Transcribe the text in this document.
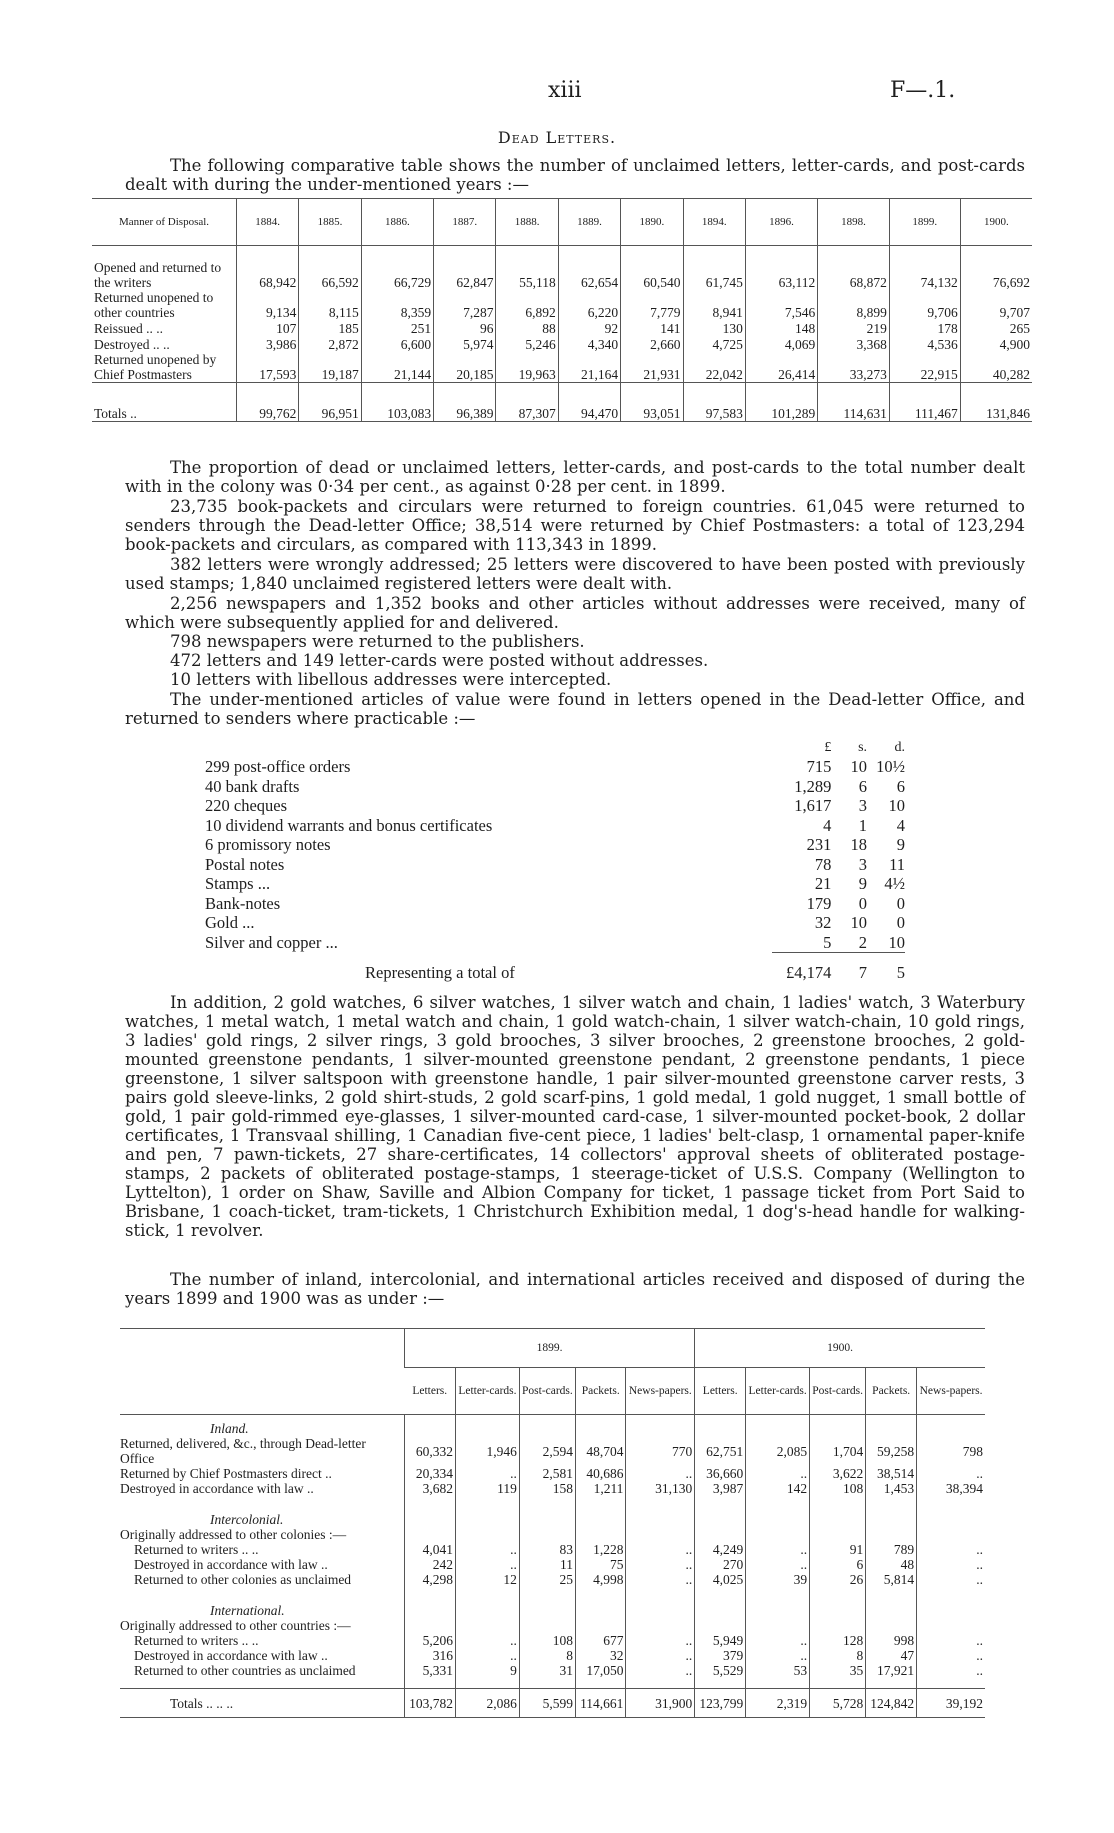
xiii	F—.1.
Dead Letters.

The following comparative table shows the number of unclaimed letters, letter-cards, and post-cards dealt with during the under-mentioned years :—

Manner of Disposal.	1884.	1885.	1886.	1887.	1888.	1889.	1890.	1894.	1896.	1898.	1899.	1900.

Opened and returned to the writers	68,942	66,592	66,729	62,847	55,118	62,654	60,540	61,745	63,112	68,872	74,132	76,692
Returned unopened to other countries	9,134	8,115	8,359	7,287	6,892	6,220	7,779	8,941	7,546	8,899	9,706	9,707
Reissued .. ..	107	185	251	96	88	92	141	130	148	219	178	265
Destroyed .. ..	3,986	2,872	6,600	5,974	5,246	4,340	2,660	4,725	4,069	3,368	4,536	4,900
Returned unopened by Chief Postmasters	17,593	19,187	21,144	20,185	19,963	21,164	21,931	22,042	26,414	33,273	22,915	40,282
Totals ..	99,762	96,951	103,083	96,389	87,307	94,470	93,051	97,583	101,289	114,631	111,467	131,846

The proportion of dead or unclaimed letters, letter-cards, and post-cards to the total number dealt with in the colony was 0·34 per cent., as against 0·28 per cent. in 1899.

23,735 book-packets and circulars were returned to foreign countries. 61,045 were returned to senders through the Dead-letter Office; 38,514 were returned by Chief Postmasters: a total of 123,294 book-packets and circulars, as compared with 113,343 in 1899.

382 letters were wrongly addressed; 25 letters were discovered to have been posted with previously used stamps; 1,840 unclaimed registered letters were dealt with.

2,256 newspapers and 1,352 books and other articles without addresses were received, many of which were subsequently applied for and delivered.

798 newspapers were returned to the publishers.

472 letters and 149 letter-cards were posted without addresses.

10 letters with libellous addresses were intercepted.

The under-mentioned articles of value were found in letters opened in the Dead-letter Office, and returned to senders where practicable :—

	£	s.	d.
299 post-office orders	715	10	10½
40 bank drafts	1,289	6	6
220 cheques	1,617	3	10
10 dividend warrants and bonus certificates	4	1	4
6 promissory notes	231	18	9
Postal notes	78	3	11
Stamps ...	21	9	4½
Bank-notes	179	0	0
Gold ...	32	10	0
Silver and copper ...	5	2	10
Representing a total of	£4,174	7	5

In addition, 2 gold watches, 6 silver watches, 1 silver watch and chain, 1 ladies' watch, 3 Waterbury watches, 1 metal watch, 1 metal watch and chain, 1 gold watch-chain, 1 silver watch-chain, 10 gold rings, 3 ladies' gold rings, 2 silver rings, 3 gold brooches, 3 silver brooches, 2 greenstone brooches, 2 gold-mounted greenstone pendants, 1 silver-mounted greenstone pendant, 2 greenstone pendants, 1 piece greenstone, 1 silver saltspoon with greenstone handle, 1 pair silver-mounted greenstone carver rests, 3 pairs gold sleeve-links, 2 gold shirt-studs, 2 gold scarf-pins, 1 gold medal, 1 gold nugget, 1 small bottle of gold, 1 pair gold-rimmed eye-glasses, 1 silver-mounted card-case, 1 silver-mounted pocket-book, 2 dollar certificates, 1 Transvaal shilling, 1 Canadian five-cent piece, 1 ladies' belt-clasp, 1 ornamental paper-knife and pen, 7 pawn-tickets, 27 share-certificates, 14 collectors' approval sheets of obliterated postage-stamps, 2 packets of obliterated postage-stamps, 1 steerage-ticket of U.S.S. Company (Wellington to Lyttelton), 1 order on Shaw, Saville and Albion Company for ticket, 1 passage ticket from Port Said to Brisbane, 1 coach-ticket, tram-tickets, 1 Christchurch Exhibition medal, 1 dog's-head handle for walking-stick, 1 revolver.

The number of inland, intercolonial, and international articles received and disposed of during the years 1899 and 1900 was as under :—

	1899.					1900.				
	Letters.	Letter-cards.	Post-cards.	Packets.	News-papers.	Letters.	Letter-cards.	Post-cards.	Packets.	News-papers.
Inland.										
Returned, delivered, &c., through Dead-letter Office	60,332	1,946	2,594	48,704	770	62,751	2,085	1,704	59,258	798
Returned by Chief Postmasters direct ..	20,334	..	2,581	40,686	..	36,660	..	3,622	38,514	..
Destroyed in accordance with law ..	3,682	119	158	1,211	31,130	3,987	142	108	1,453	38,394

Intercolonial.										
Originally addressed to other colonies :—										
Returned to writers .. ..	4,041	..	83	1,228	..	4,249	..	91	789	..
Destroyed in accordance with law ..	242	..	11	75	..	270	..	6	48	..
Returned to other colonies as unclaimed	4,298	12	25	4,998	..	4,025	39	26	5,814	..

International.										
Originally addressed to other countries :—										
Returned to writers .. ..	5,206	..	108	677	..	5,949	..	128	998	..
Destroyed in accordance with law ..	316	..	8	32	..	379	..	8	47	..
Returned to other countries as unclaimed	5,331	9	31	17,050	..	5,529	53	35	17,921	..

Totals .. .. ..	103,782	2,086	5,599	114,661	31,900	123,799	2,319	5,728	124,842	39,192
